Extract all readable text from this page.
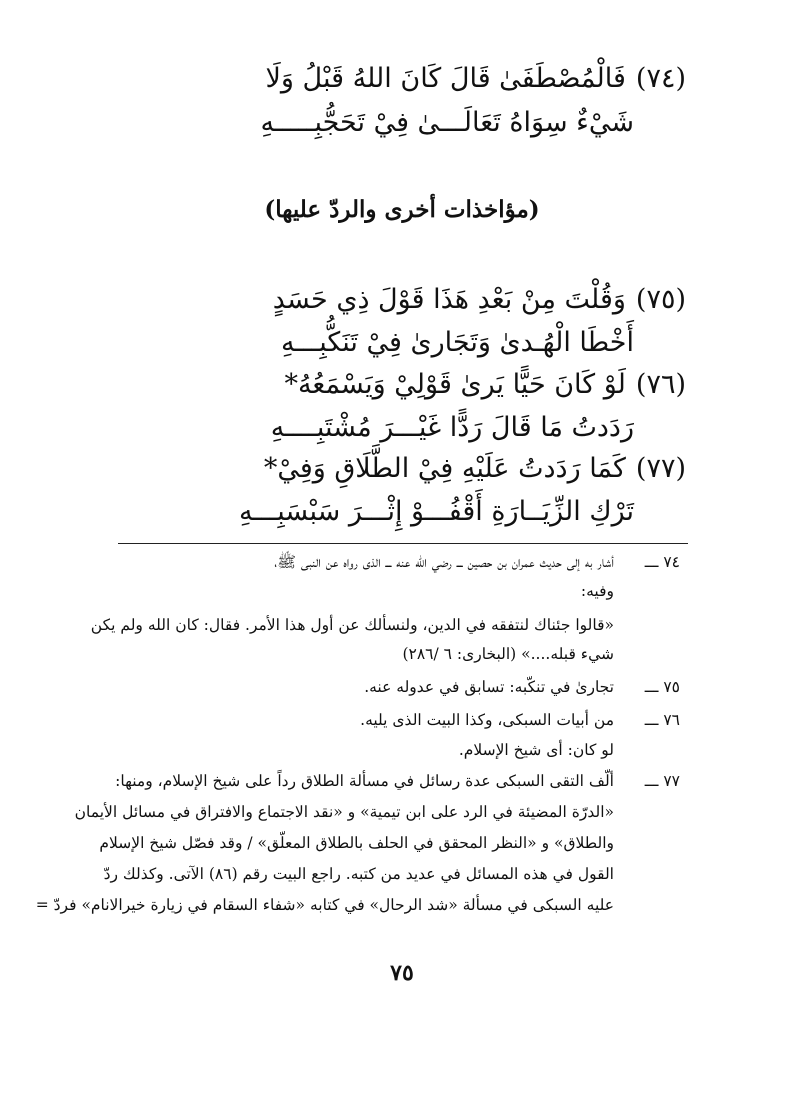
(٧٤)فَالْمُصْطَفَىٰ قَالَ كَانَ اللهُ قَبْلُ وَلَا
شَيْءٌ سِوَاهُ تَعَالَـــىٰ فِيْ تَحَجُّبِـــــهِ
(مؤاخذات أخرى والردّ عليها)
(٧٥)وَقُلْتَ مِنْ بَعْدِ هَذَا قَوْلَ ذِي حَسَدٍ
أَخْطَا الْهُـدىٰ وَتَجَارىٰ فِيْ تَنَكُّبِـــهِ
(٧٦)لَوْ كَانَ حَيًّا يَرىٰ قَوْلِيْ وَيَسْمَعُهُ*
رَدَدتُ مَا قَالَ رَدًّا غَيْـــرَ مُشْتَبِــــهِ
(٧٧)كَمَا رَدَدتُ عَلَيْهِ فِيْ الطَّلَاقِ وَفِيْ*
تَرْكِ الزِّيَــارَةِ أَقْفُـــوْ إِثْـــرَ سَبْسَبِـــهِ
٧٤ ـــ
أشار به إلى حديث عمران بن حصين ـــ رضي الله عنه ـــ الذى رواه عن النبى ﷺ،
وفيه:
«قالوا جئناك لنتفقه في الدين، ولنسألك عن أول هذا الأمر. فقال: كان الله ولم يكن
شيء قبله....» (البخارى: ٦ /٢٨٦)
٧٥ ـــ
تجارىٰ في تنكّبه: تسابق في عدوله عنه.
٧٦ ـــ
من أبيات السبكى، وكذا البيت الذى يليه.
لو كان: أى شيخ الإسلام.
٧٧ ـــ
ألّف التقى السبكى عدة رسائل في مسألة الطلاق رداً على شيخ الإسلام، ومنها:
«الدرّة المضيئة في الرد على ابن تيمية» و «نقد الاجتماع والافتراق في مسائل الأيمان
والطلاق» و «النظر المحقق في الحلف بالطلاق المعلّق» / وقد فصّل شيخ الإسلام
القول في هذه المسائل في عديد من كتبه. راجع البيت رقم (٨٦) الآتى. وكذلك ردّ
عليه السبكى في مسألة «شد الرحال» في كتابه «شفاء السقام في زيارة خيرالانام» فردّ =
٧٥
